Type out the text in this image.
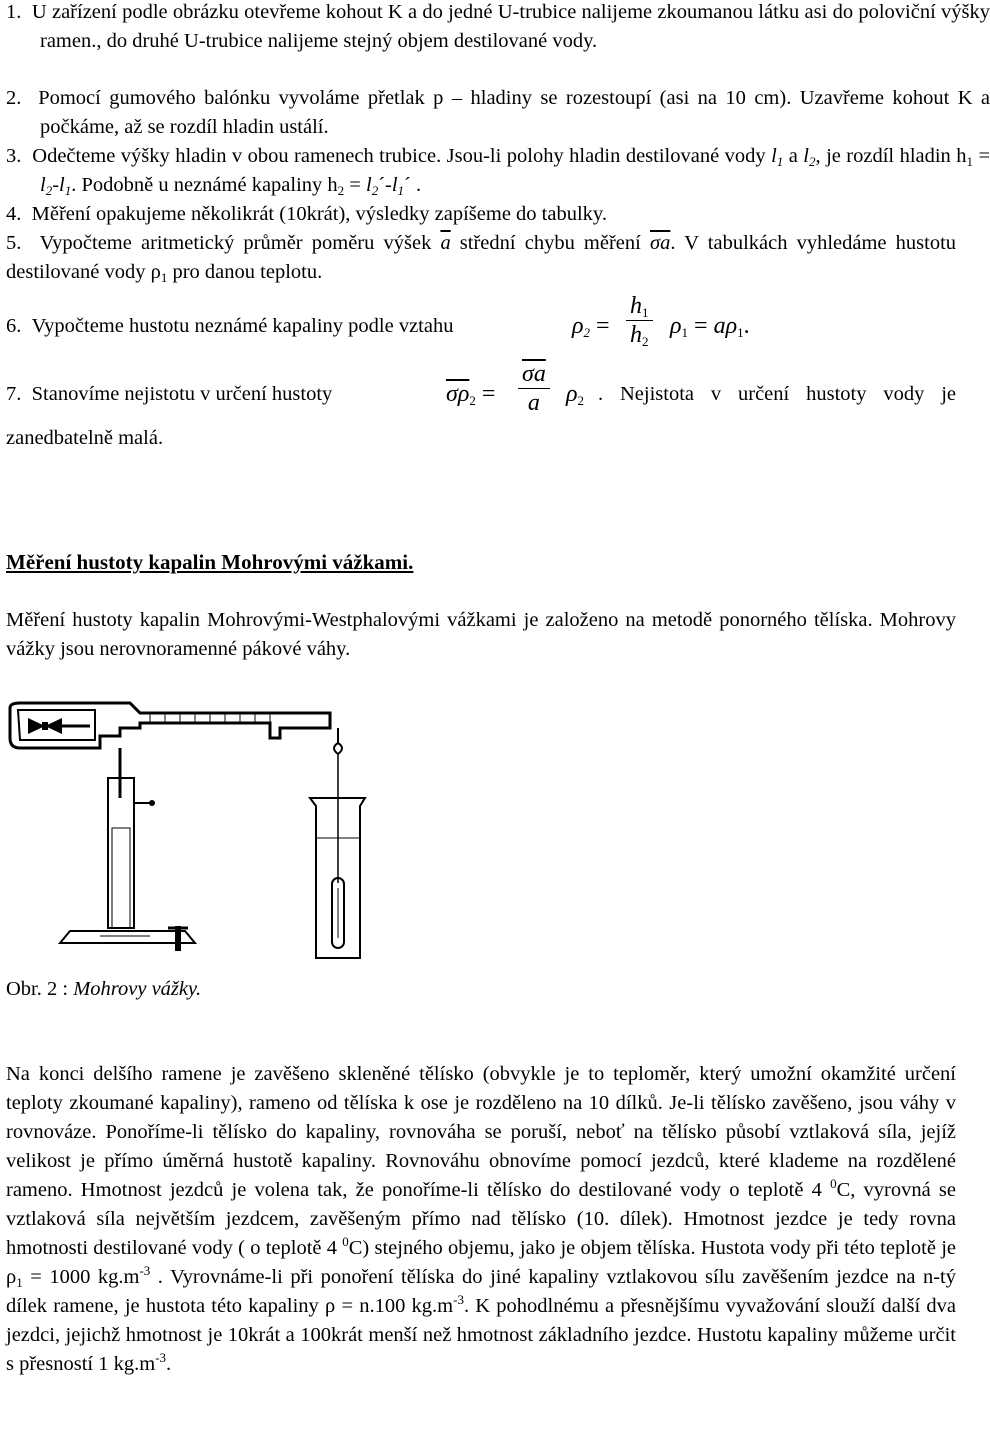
1. U zařízení podle obrázku otevřeme kohout K a do jedné U-trubice nalijeme zkoumanou látku asi do poloviční výšky ramen., do druhé U-trubice nalijeme stejný objem destilované vody.

2. Pomocí gumového balónku vyvoláme přetlak p – hladiny se rozestoupí (asi na 10 cm). Uzavřeme kohout K a počkáme, až se rozdíl hladin ustálí.

3. Odečteme výšky hladin v obou ramenech trubice. Jsou-li polohy hladin destilované vody $l_1$ a $l_2$, je rozdíl hladin $h_1 = l_2-l_1$. Podobně u neznámé kapaliny $h_2$ = $l_2´-l_1´$ .

4. Měření opakujeme několikrát (10krát), výsledky zapíšeme do tabulky.

5. Vypočteme aritmetický průměr poměru výšek $\overline{a}$ střední chybu měření $\overline{\sigma a}$. V tabulkách vyhledáme hustotu destilované vody $\rho_1$ pro danou teplotu.

6. Vypočteme hustotu neznámé kapaliny podle vztahu	$\rho_2 = \frac{h_1}{h_2} \rho_1 = a\rho_1$.
7. Stanovíme nejistotu v určení hustoty	$\sigma\rho_2 = \frac{\overline{\sigma a}}{a} \rho_2$ . Nejistota v určení hustoty vody je
zanedbatelně malá.
Měření hustoty kapalin Mohrovými vážkami.

Měření hustoty kapalin Mohrovými-Westphalovými vážkami je založeno na metodě ponorného tělíska. Mohrovy vážky jsou nerovnoramenné pákové váhy.

Obr. 2 : Mohrovy vážky.

Na konci delšího ramene je zavěšeno skleněné tělísko (obvykle je to teploměr, který umožní okamžité určení teploty zkoumané kapaliny), rameno od tělíska k ose je rozděleno na 10 dílků. Je-li tělísko zavěšeno, jsou váhy v rovnováze. Ponoříme-li tělísko do kapaliny, rovnováha se poruší, neboť na tělísko působí vztlaková síla, jejíž velikost je přímo úměrná hustotě kapaliny. Rovnováhu obnovíme pomocí jezdců, které klademe na rozdělené rameno. Hmotnost jezdců je volena tak, že ponoříme-li tělísko do destilované vody o teplotě 4 $^0$C, vyrovná se vztlaková síla největším jezdcem, zavěšeným přímo nad tělísko (10. dílek). Hmotnost jezdce je tedy rovna hmotnosti destilované vody ( o teplotě 4 $^0$C) stejného objemu, jako je objem tělíska. Hustota vody při této teplotě je $\rho_1 = 1000$ $kg.m^{-3}$ . Vyrovnáme-li při ponoření tělíska do jiné kapaliny vztlakovou sílu zavěšením jezdce na n-tý dílek ramene, je hustota této kapaliny ρ = n.100 $kg.m^{-3}$. K pohodlnému a přesnějšímu vyvažování slouží další dva jezdci, jejichž hmotnost je 10krát a 100krát menší než hmotnost základního jezdce. Hustotu kapaliny můžeme určit s přesností 1 $kg.m^{-3}$.
